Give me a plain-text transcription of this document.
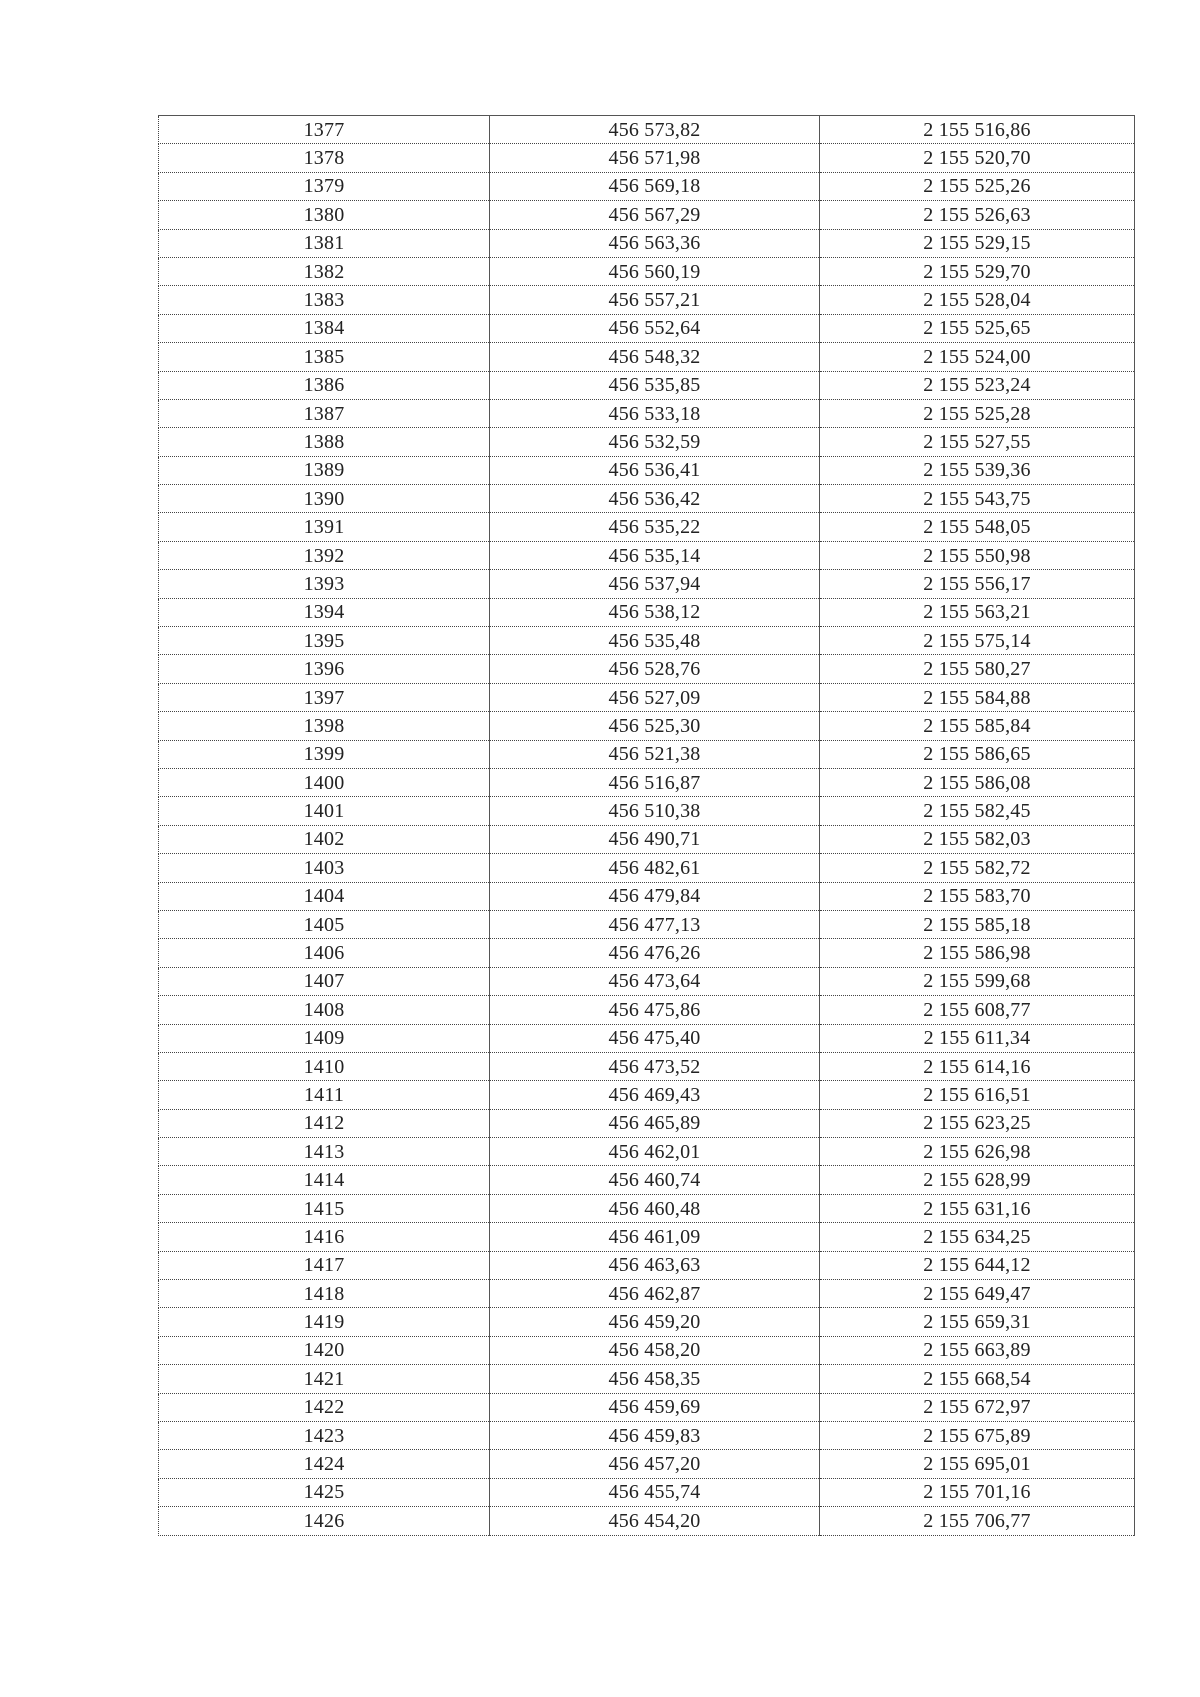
1377	456 573,82	2 155 516,86
1378	456 571,98	2 155 520,70
1379	456 569,18	2 155 525,26
1380	456 567,29	2 155 526,63
1381	456 563,36	2 155 529,15
1382	456 560,19	2 155 529,70
1383	456 557,21	2 155 528,04
1384	456 552,64	2 155 525,65
1385	456 548,32	2 155 524,00
1386	456 535,85	2 155 523,24
1387	456 533,18	2 155 525,28
1388	456 532,59	2 155 527,55
1389	456 536,41	2 155 539,36
1390	456 536,42	2 155 543,75
1391	456 535,22	2 155 548,05
1392	456 535,14	2 155 550,98
1393	456 537,94	2 155 556,17
1394	456 538,12	2 155 563,21
1395	456 535,48	2 155 575,14
1396	456 528,76	2 155 580,27
1397	456 527,09	2 155 584,88
1398	456 525,30	2 155 585,84
1399	456 521,38	2 155 586,65
1400	456 516,87	2 155 586,08
1401	456 510,38	2 155 582,45
1402	456 490,71	2 155 582,03
1403	456 482,61	2 155 582,72
1404	456 479,84	2 155 583,70
1405	456 477,13	2 155 585,18
1406	456 476,26	2 155 586,98
1407	456 473,64	2 155 599,68
1408	456 475,86	2 155 608,77
1409	456 475,40	2 155 611,34
1410	456 473,52	2 155 614,16
1411	456 469,43	2 155 616,51
1412	456 465,89	2 155 623,25
1413	456 462,01	2 155 626,98
1414	456 460,74	2 155 628,99
1415	456 460,48	2 155 631,16
1416	456 461,09	2 155 634,25
1417	456 463,63	2 155 644,12
1418	456 462,87	2 155 649,47
1419	456 459,20	2 155 659,31
1420	456 458,20	2 155 663,89
1421	456 458,35	2 155 668,54
1422	456 459,69	2 155 672,97
1423	456 459,83	2 155 675,89
1424	456 457,20	2 155 695,01
1425	456 455,74	2 155 701,16
1426	456 454,20	2 155 706,77
